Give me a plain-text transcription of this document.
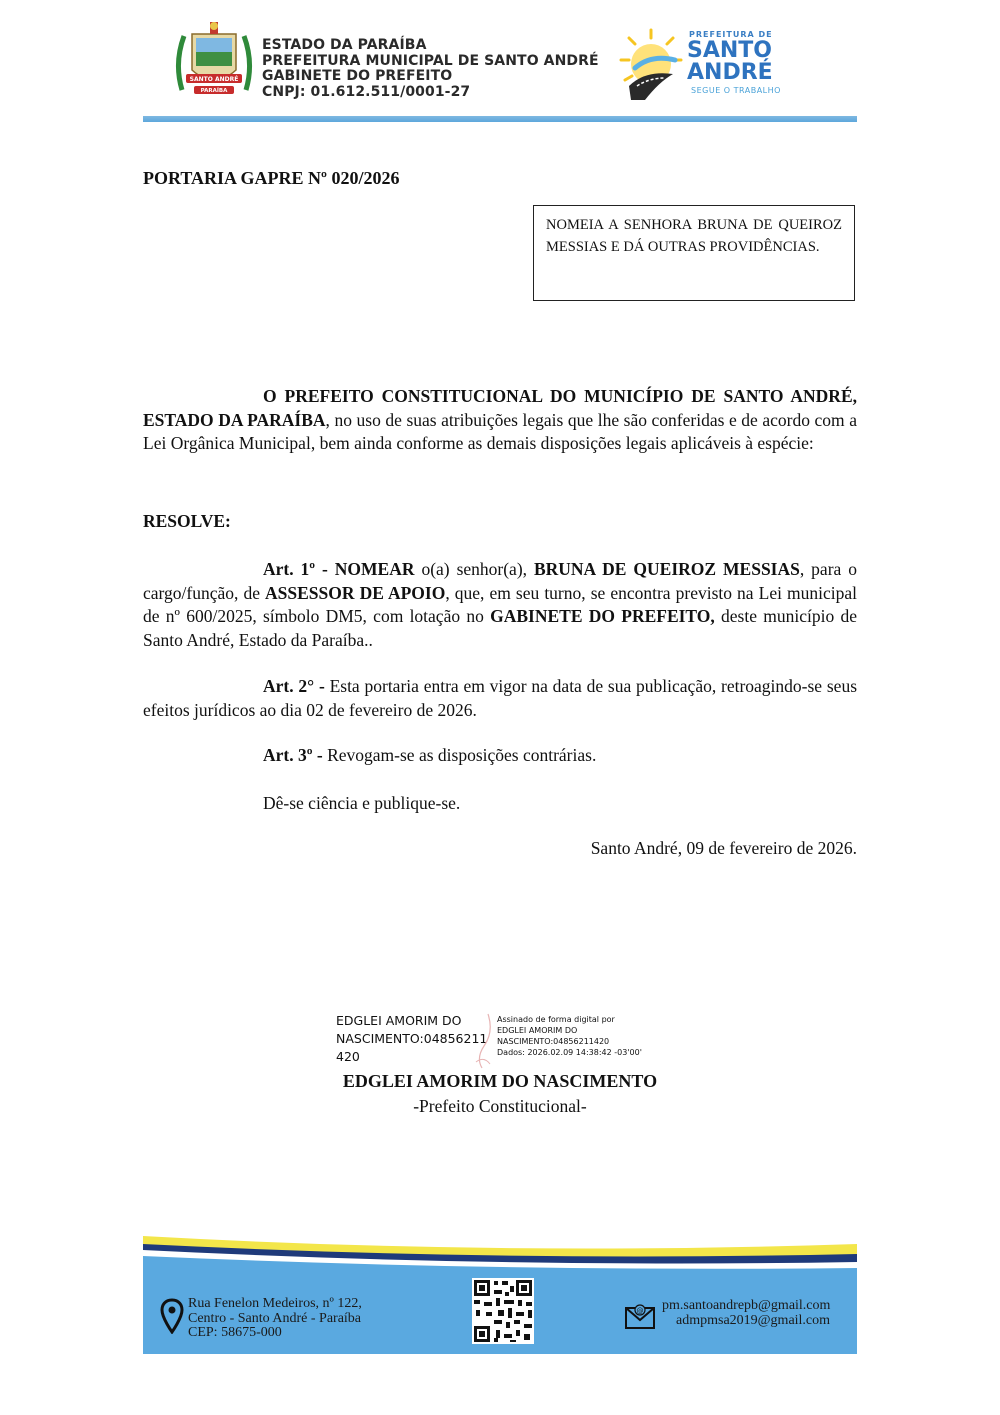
SANTO ANDRÉ
PARAÍBA
ESTADO DA PARAÍBA
PREFEITURA MUNICIPAL DE SANTO ANDRÉ
GABINETE DO PREFEITO
CNPJ: 01.612.511/0001-27
PREFEITURA DE
SANTO
ANDRÉ
SEGUE O TRABALHO
PORTARIA GAPRE Nº 020/2026
NOMEIA A SENHORA BRUNA DE QUEIROZ MESSIAS E DÁ OUTRAS PROVIDÊNCIAS.
O PREFEITO CONSTITUCIONAL DO MUNICÍPIO DE SANTO ANDRÉ, ESTADO DA PARAÍBA, no uso de suas atribuições legais que lhe são conferidas e de acordo com a Lei Orgânica Municipal, bem ainda conforme as demais disposições legais aplicáveis à espécie:
RESOLVE:
Art. 1º - NOMEAR o(a) senhor(a), BRUNA DE QUEIROZ MESSIAS, para o cargo/função, de ASSESSOR DE APOIO, que, em seu turno, se encontra previsto na Lei municipal de nº 600/2025, símbolo DM5, com lotação no GABINETE DO PREFEITO, deste município de Santo André, Estado da Paraíba..
Art. 2° - Esta portaria entra em vigor na data de sua publicação, retroagindo-se seus efeitos jurídicos ao dia 02 de fevereiro de 2026.
Art. 3º - Revogam-se as disposições contrárias.
Dê-se ciência e publique-se.
Santo André, 09 de fevereiro de 2026.
EDGLEI AMORIM DO
NASCIMENTO:04856211
420
Assinado de forma digital por
EDGLEI AMORIM DO
NASCIMENTO:04856211420
Dados: 2026.02.09 14:38:42 -03'00'
EDGLEI AMORIM DO NASCIMENTO
-Prefeito Constitucional-
Rua Fenelon Medeiros, nº 122,
Centro - Santo André - Paraíba
CEP: 58675-000
@ pm.santoandrepb@gmail.com
admpmsa2019@gmail.com
